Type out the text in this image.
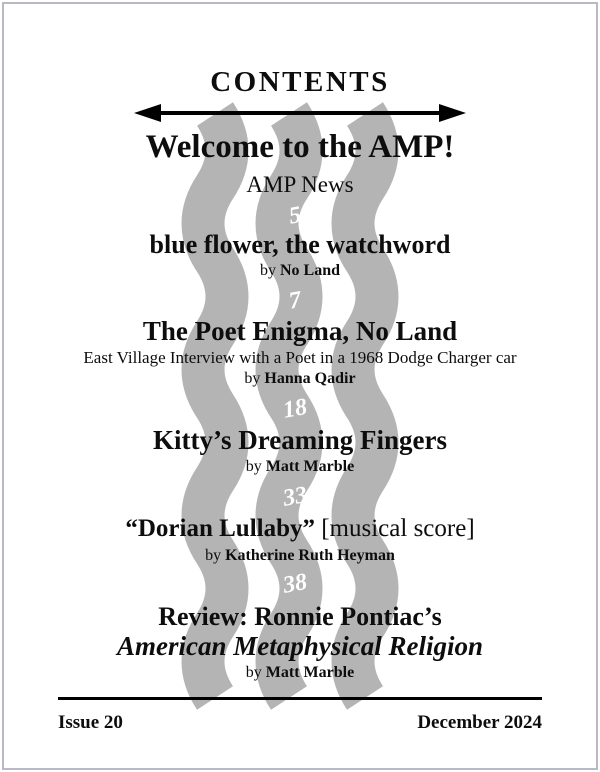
CONTENTS
Welcome to the AMP!
AMP News
5
blue flower, the watchword
by No Land
7
The Poet Enigma, No Land
East Village Interview with a Poet in a 1968 Dodge Charger car
by Hanna Qadir
18
Kitty’s Dreaming Fingers
by Matt Marble
33
“Dorian Lullaby” [musical score]
by Katherine Ruth Heyman
38
Review: Ronnie Pontiac’s
American Metaphysical Religion
by Matt Marble
Issue 20	December 2024
